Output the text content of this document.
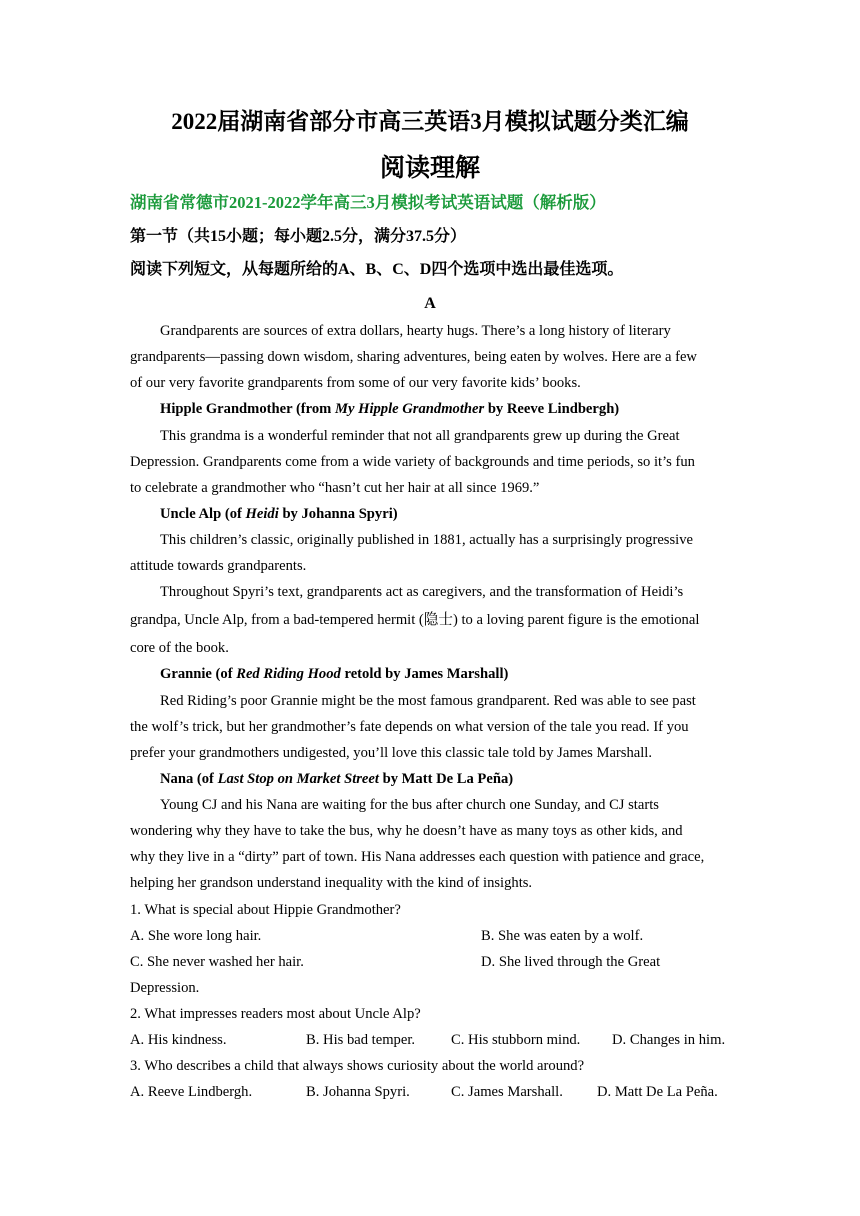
2022届湖南省部分市高三英语3月模拟试题分类汇编
阅读理解
湖南省常德市2021-2022学年高三3月模拟考试英语试题（解析版）
第一节（共15小题；每小题2.5分，满分37.5分）
阅读下列短文，从每题所给的A、B、C、D四个选项中选出最佳选项。
A
Grandparents are sources of extra dollars, hearty hugs. There’s a long history of literary
grandparents—passing down wisdom, sharing adventures, being eaten by wolves. Here are a few
of our very favorite grandparents from some of our very favorite kids’ books.
Hipple Grandmother (from My Hipple Grandmother by Reeve Lindbergh)
This grandma is a wonderful reminder that not all grandparents grew up during the Great
Depression. Grandparents come from a wide variety of backgrounds and time periods, so it’s fun
to celebrate a grandmother who “hasn’t cut her hair at all since 1969.”
Uncle Alp (of Heidi by Johanna Spyri)
This children’s classic, originally published in 1881, actually has a surprisingly progressive
attitude towards grandparents.
Throughout Spyri’s text, grandparents act as caregivers, and the transformation of Heidi’s
grandpa, Uncle Alp, from a bad-tempered hermit (隐士) to a loving parent figure is the emotional
core of the book.
Grannie (of Red Riding Hood retold by James Marshall)
Red Riding’s poor Grannie might be the most famous grandparent. Red was able to see past
the wolf’s trick, but her grandmother’s fate depends on what version of the tale you read. If you
prefer your grandmothers undigested, you’ll love this classic tale told by James Marshall.
Nana (of Last Stop on Market Street by Matt De La Peña)
Young CJ and his Nana are waiting for the bus after church one Sunday, and CJ starts
wondering why they have to take the bus, why he doesn’t have as many toys as other kids, and
why they live in a “dirty” part of town. His Nana addresses each question with patience and grace,
helping her grandson understand inequality with the kind of insights.
1. What is special about Hippie Grandmother?
A. She wore long hair.	B. She was eaten by a wolf.
C. She never washed her hair.	D. She lived through the Great
Depression.
2. What impresses readers most about Uncle Alp?
A. His kindness.	B. His bad temper. C. His stubborn mind. D. Changes in him.
3. Who describes a child that always shows curiosity about the world around?
A. Reeve Lindbergh.	B. Johanna Spyri.	C. James Marshall. D. Matt De La Peña.
